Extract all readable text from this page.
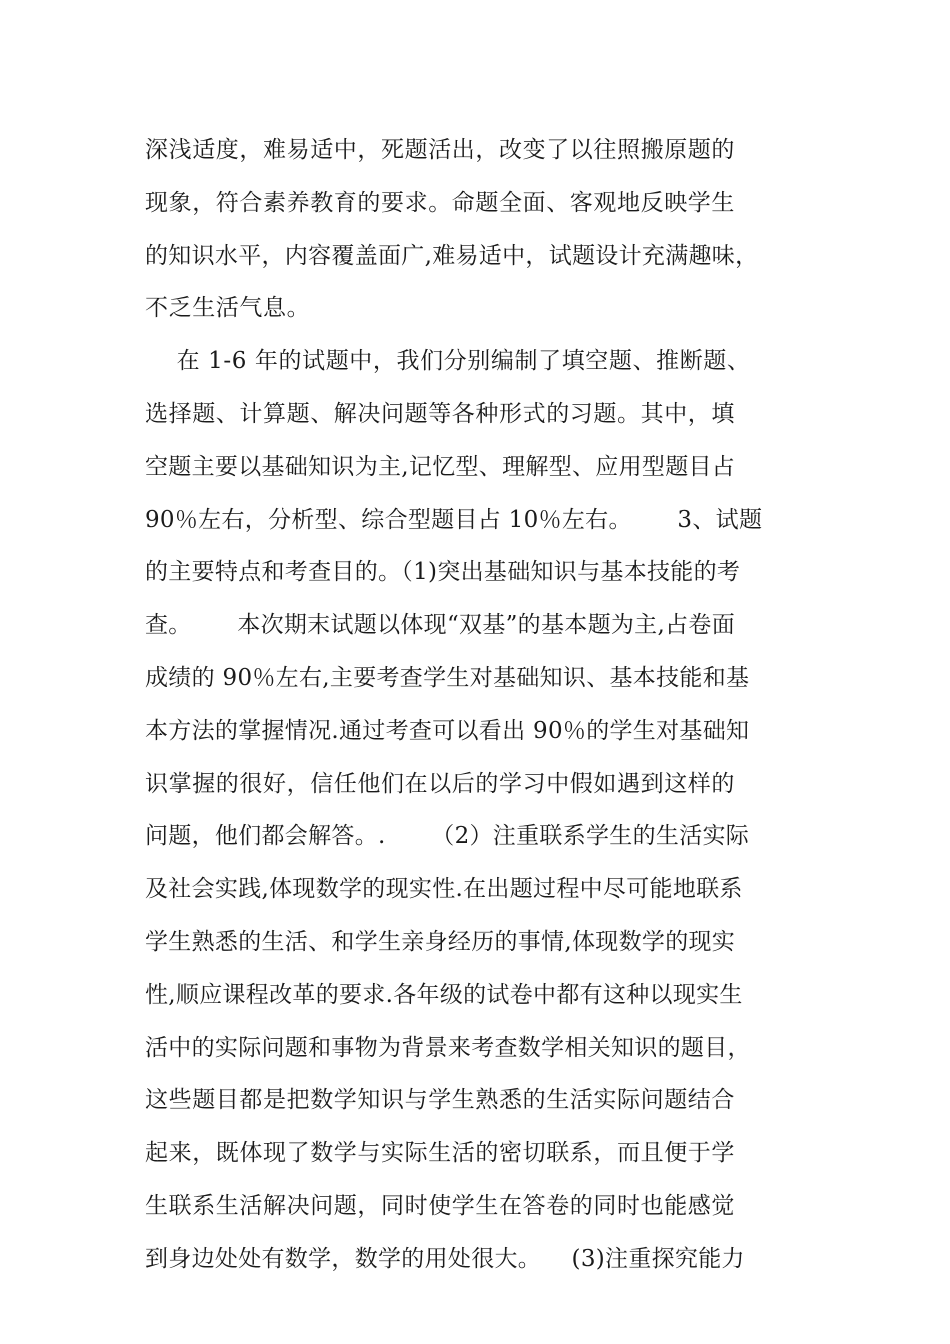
深浅适度，难易适中，死题活出，改变了以往照搬原题的
现象，符合素养教育的要求。命题全面、客观地反映学生
的知识水平，内容覆盖面广,难易适中，试题设计充满趣味，
不乏生活气息。
在 1-6 年的试题中，我们分别编制了填空题、推断题、
选择题、计算题、解决问题等各种形式的习题。其中，填
空题主要以基础知识为主,记忆型、理解型、应用型题目占
90％左右，分析型、综合型题目占 10％左右。      3、试题
的主要特点和考查目的。（1)突出基础知识与基本技能的考
查。      本次期末试题以体现“双基”的基本题为主,占卷面
成绩的 90％左右,主要考查学生对基础知识、基本技能和基
本方法的掌握情况.通过考查可以看出 90％的学生对基础知
识掌握的很好，信任他们在以后的学习中假如遇到这样的
问题，他们都会解答。.      （2）注重联系学生的生活实际
及社会实践,体现数学的现实性.在出题过程中尽可能地联系
学生熟悉的生活、和学生亲身经历的事情,体现数学的现实
性,顺应课程改革的要求.各年级的试卷中都有这种以现实生
活中的实际问题和事物为背景来考查数学相关知识的题目，
这些题目都是把数学知识与学生熟悉的生活实际问题结合
起来，既体现了数学与实际生活的密切联系，而且便于学
生联系生活解决问题，同时使学生在答卷的同时也能感觉
到身边处处有数学，数学的用处很大。    (3)注重探究能力
